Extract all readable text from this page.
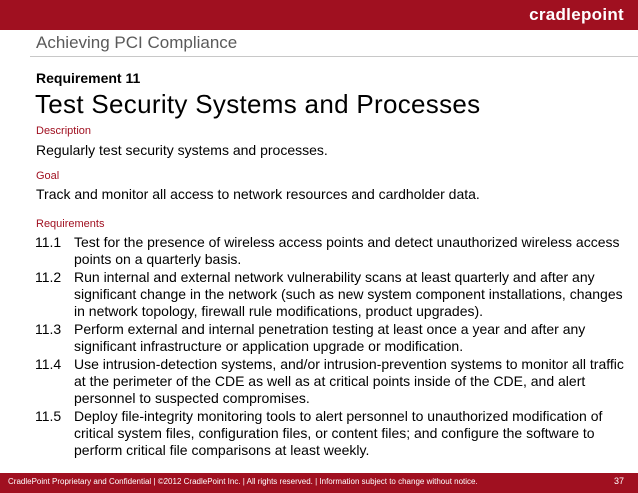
cradlepoint
Achieving PCI Compliance
Requirement 11
Test Security Systems and Processes
Description
Regularly test security systems and processes.
Goal
Track and monitor all access to network resources and cardholder data.
Requirements
11.1 Test for the presence of wireless access points and detect unauthorized wireless access points on a quarterly basis.
11.2 Run internal and external network vulnerability scans at least quarterly and after any significant change in the network (such as new system component installations, changes in network topology, firewall rule modifications, product upgrades).
11.3 Perform external and internal penetration testing at least once a year and after any significant infrastructure or application upgrade or modification.
11.4 Use intrusion-detection systems, and/or intrusion-prevention systems to monitor all traffic at the perimeter of the CDE as well as at critical points inside of the CDE, and alert personnel to suspected compromises.
11.5 Deploy file-integrity monitoring tools to alert personnel to unauthorized modification of critical system files, configuration files, or content files; and configure the software to perform critical file comparisons at least weekly.
CradlePoint Proprietary and Confidential | ©2012 CradlePoint Inc. | All rights reserved. | Information subject to change without notice.	37
